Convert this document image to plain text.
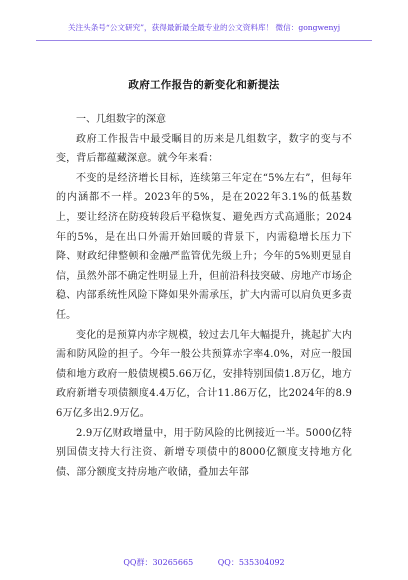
关注头条号“公文研究”，获得最新最全最专业的公文资料库！ 微信：gongwenyj
政府工作报告的新变化和新提法

一、几组数字的深意

政府工作报告中最受瞩目的历来是几组数字，数字的变与不变，背后都蕴藏深意。就今年来看：

不变的是经济增长目标，连续第三年定在“5%左右”，但每年的内涵都不一样。2023年的5%，是在2022年3.1%的低基数上，要让经济在防疫转段后平稳恢复、避免西方式高通胀；2024年的5%，是在出口外需开始回暖的背景下，内需稳增长压力下降、财政纪律整顿和金融严监管优先级上升；今年的5%则更显自信，虽然外部不确定性明显上升，但前沿科技突破、房地产市场企稳、内部系统性风险下降如果外需承压，扩大内需可以肩负更多责任。

变化的是预算内赤字规模，较过去几年大幅提升，挑起扩大内需和防风险的担子。今年一般公共预算赤字率4.0%，对应一般国债和地方政府一般债规模5.66万亿，安排特别国债1.8万亿，地方政府新增专项债额度4.4万亿，合计11.86万亿，比2024年的8.96万亿多出2.9万亿。

2.9万亿财政增量中，用于防风险的比例接近一半。5000亿特别国债支持大行注资、新增专项债中的8000亿额度支持地方化债、部分额度支持房地产收储，叠加去年部

QQ群：30265665	QQ：535304092
